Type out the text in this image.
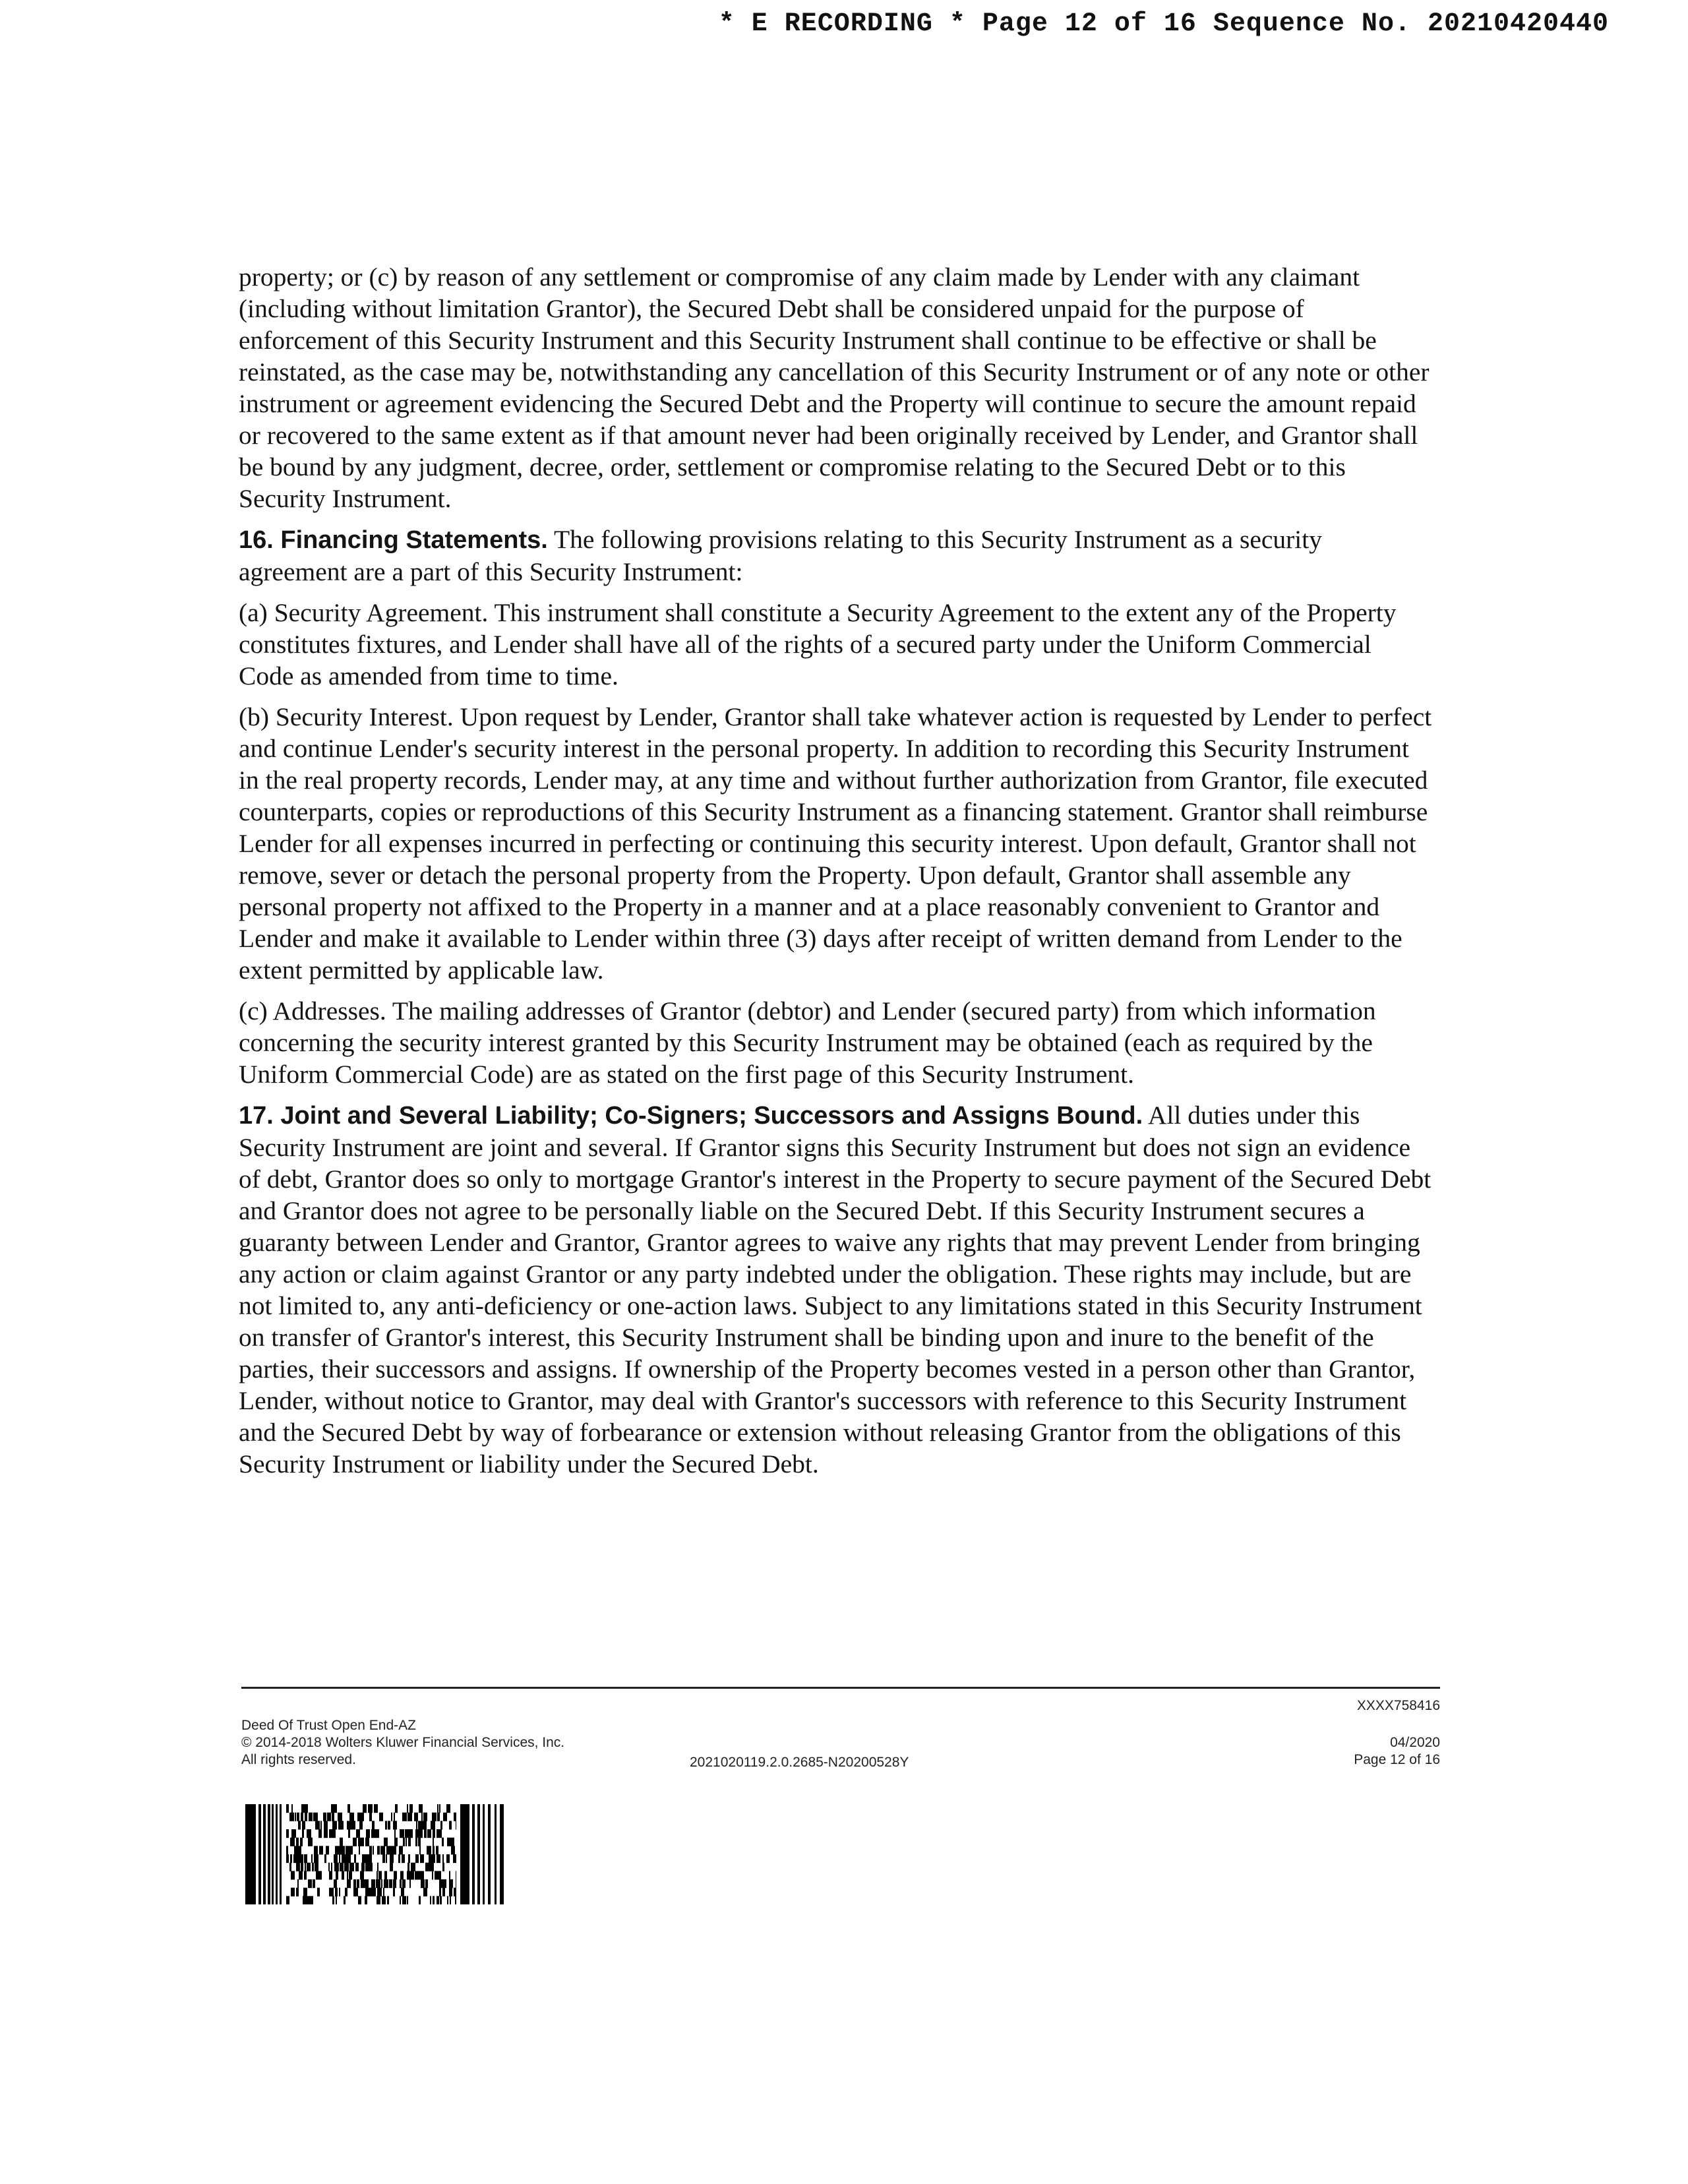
* E RECORDING * Page 12 of 16 Sequence No. 20210420440

property; or (c) by reason of any settlement or compromise of any claim made by Lender with any claimant (including without limitation Grantor), the Secured Debt shall be considered unpaid for the purpose of enforcement of this Security Instrument and this Security Instrument shall continue to be effective or shall be reinstated, as the case may be, notwithstanding any cancellation of this Security Instrument or of any note or other instrument or agreement evidencing the Secured Debt and the Property will continue to secure the amount repaid or recovered to the same extent as if that amount never had been originally received by Lender, and Grantor shall be bound by any judgment, decree, order, settlement or compromise relating to the Secured Debt or to this Security Instrument.

16. Financing Statements. The following provisions relating to this Security Instrument as a security agreement are a part of this Security Instrument:

(a) Security Agreement. This instrument shall constitute a Security Agreement to the extent any of the Property constitutes fixtures, and Lender shall have all of the rights of a secured party under the Uniform Commercial Code as amended from time to time.

(b) Security Interest. Upon request by Lender, Grantor shall take whatever action is requested by Lender to perfect and continue Lender's security interest in the personal property. In addition to recording this Security Instrument in the real property records, Lender may, at any time and without further authorization from Grantor, file executed counterparts, copies or reproductions of this Security Instrument as a financing statement. Grantor shall reimburse Lender for all expenses incurred in perfecting or continuing this security interest. Upon default, Grantor shall not remove, sever or detach the personal property from the Property. Upon default, Grantor shall assemble any personal property not affixed to the Property in a manner and at a place reasonably convenient to Grantor and Lender and make it available to Lender within three (3) days after receipt of written demand from Lender to the extent permitted by applicable law.

(c) Addresses. The mailing addresses of Grantor (debtor) and Lender (secured party) from which information concerning the security interest granted by this Security Instrument may be obtained (each as required by the Uniform Commercial Code) are as stated on the first page of this Security Instrument.

17. Joint and Several Liability; Co-Signers; Successors and Assigns Bound. All duties under this Security Instrument are joint and several. If Grantor signs this Security Instrument but does not sign an evidence of debt, Grantor does so only to mortgage Grantor's interest in the Property to secure payment of the Secured Debt and Grantor does not agree to be personally liable on the Secured Debt. If this Security Instrument secures a guaranty between Lender and Grantor, Grantor agrees to waive any rights that may prevent Lender from bringing any action or claim against Grantor or any party indebted under the obligation. These rights may include, but are not limited to, any anti-deficiency or one-action laws. Subject to any limitations stated in this Security Instrument on transfer of Grantor's interest, this Security Instrument shall be binding upon and inure to the benefit of the parties, their successors and assigns. If ownership of the Property becomes vested in a person other than Grantor, Lender, without notice to Grantor, may deal with Grantor's successors with reference to this Security Instrument and the Secured Debt by way of forbearance or extension without releasing Grantor from the obligations of this Security Instrument or liability under the Secured Debt.

XXXX758416
Deed Of Trust Open End-AZ
© 2014-2018 Wolters Kluwer Financial Services, Inc.
All rights reserved.	2021020119.2.0.2685-N20200528Y
04/2020
Page 12 of 16
